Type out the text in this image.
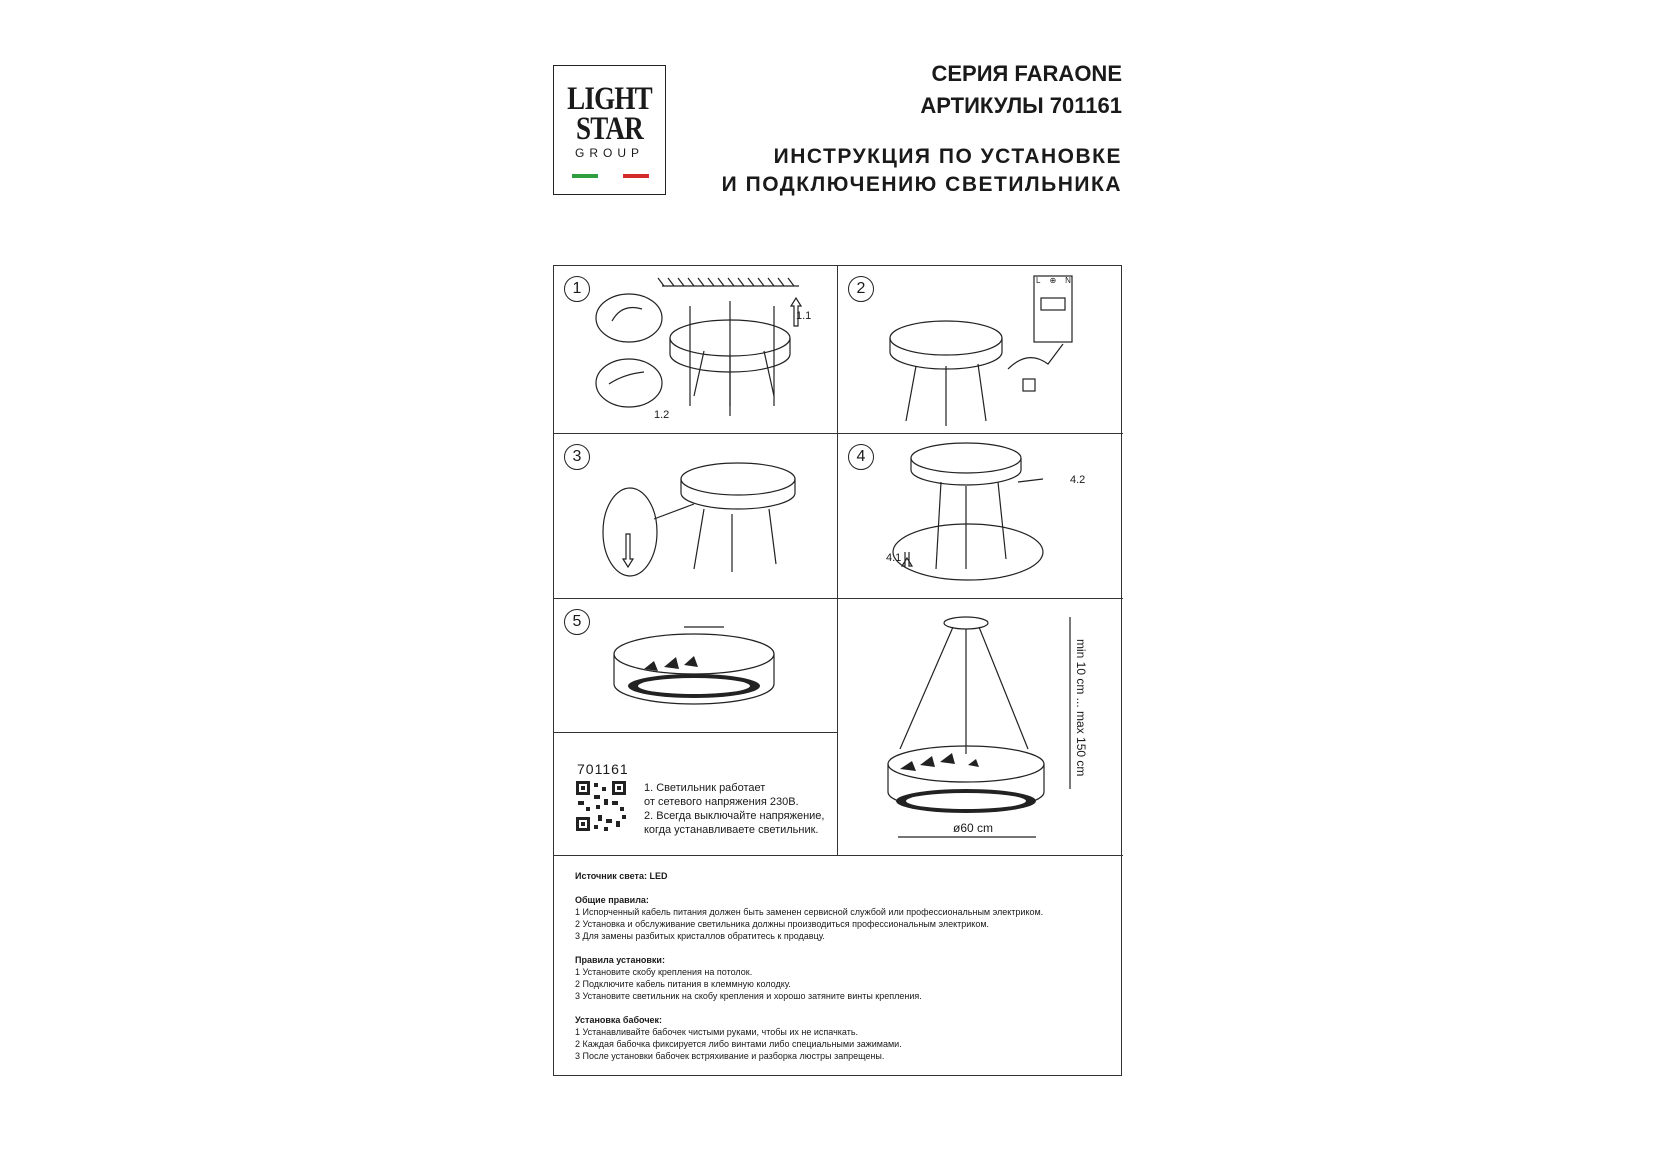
LIGHT
STAR
GROUP
СЕРИЯ FARAONE
АРТИКУЛЫ 701161
ИНСТРУКЦИЯ ПО УСТАНОВКЕ
И ПОДКЛЮЧЕНИЮ СВЕТИЛЬНИКА
1
1.1
1.2
2	L⊕N
3	4
4.1
4.2
5
min 10 cm ... max 150 cm
ø60 cm
701161
1. Светильник работает
от сетевого напряжения 230В.
2. Всегда выключайте напряжение,
когда устанавливаете светильник.
Источник света: LED
Общие правила:
1 Испорченный кабель питания должен быть заменен сервисной службой или профессиональным электриком.
2 Установка и обслуживание светильника должны производиться профессиональным электриком.
3 Для замены разбитых кристаллов обратитесь к продавцу.
Правила установки:
1 Установите скобу крепления на потолок.
2 Подключите кабель питания в клеммную колодку.
3 Установите светильник на скобу крепления и хорошо затяните винты крепления.
Установка бабочек:
1 Устанавливайте бабочек чистыми руками, чтобы их не испачкать.
2 Каждая бабочка фиксируется либо винтами либо специальными зажимами.
3 После установки бабочек встряхивание и разборка люстры запрещены.
